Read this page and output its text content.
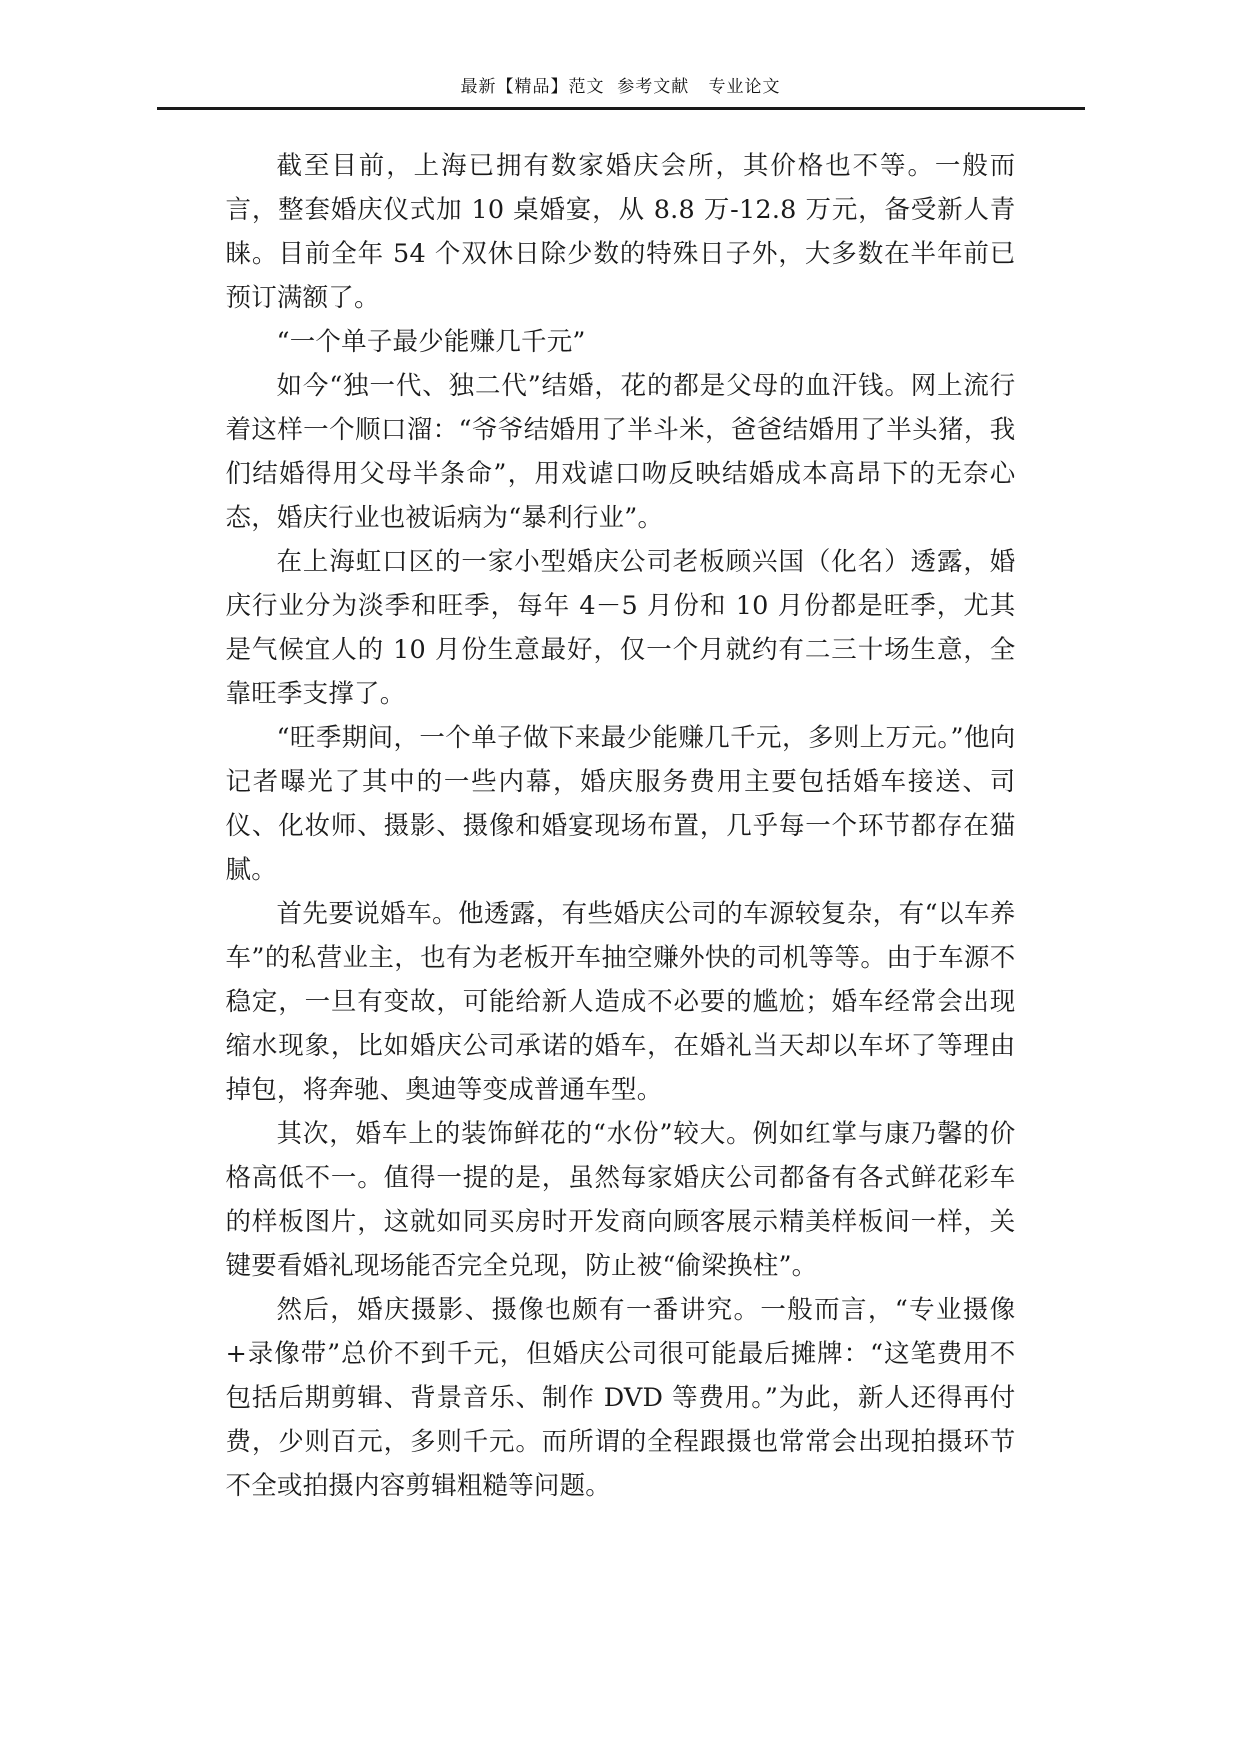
最新【精品】范文  参考文献   专业论文

截至目前，上海已拥有数家婚庆会所，其价格也不等。一般而言，整套婚庆仪式加 10 桌婚宴，从 8.8 万-12.8 万元，备受新人青睐。目前全年 54 个双休日除少数的特殊日子外，大多数在半年前已预订满额了。

“一个单子最少能赚几千元”

如今“独一代、独二代”结婚，花的都是父母的血汗钱。网上流行着这样一个顺口溜：“爷爷结婚用了半斗米，爸爸结婚用了半头猪，我们结婚得用父母半条命”，用戏谑口吻反映结婚成本高昂下的无奈心态，婚庆行业也被诟病为“暴利行业”。

在上海虹口区的一家小型婚庆公司老板顾兴国（化名）透露，婚庆行业分为淡季和旺季，每年 4－5 月份和 10 月份都是旺季，尤其是气候宜人的 10 月份生意最好，仅一个月就约有二三十场生意，全靠旺季支撑了。

“旺季期间，一个单子做下来最少能赚几千元，多则上万元。”他向记者曝光了其中的一些内幕，婚庆服务费用主要包括婚车接送、司仪、化妆师、摄影、摄像和婚宴现场布置，几乎每一个环节都存在猫腻。

首先要说婚车。他透露，有些婚庆公司的车源较复杂，有“以车养车”的私营业主，也有为老板开车抽空赚外快的司机等等。由于车源不稳定，一旦有变故，可能给新人造成不必要的尴尬；婚车经常会出现缩水现象，比如婚庆公司承诺的婚车，在婚礼当天却以车坏了等理由掉包，将奔驰、奥迪等变成普通车型。

其次，婚车上的装饰鲜花的“水份”较大。例如红掌与康乃馨的价格高低不一。值得一提的是，虽然每家婚庆公司都备有各式鲜花彩车的样板图片，这就如同买房时开发商向顾客展示精美样板间一样，关键要看婚礼现场能否完全兑现，防止被“偷梁换柱”。

然后，婚庆摄影、摄像也颇有一番讲究。一般而言，“专业摄像+录像带”总价不到千元，但婚庆公司很可能最后摊牌：“这笔费用不包括后期剪辑、背景音乐、制作 DVD 等费用。”为此，新人还得再付费，少则百元，多则千元。而所谓的全程跟摄也常常会出现拍摄环节不全或拍摄内容剪辑粗糙等问题。
